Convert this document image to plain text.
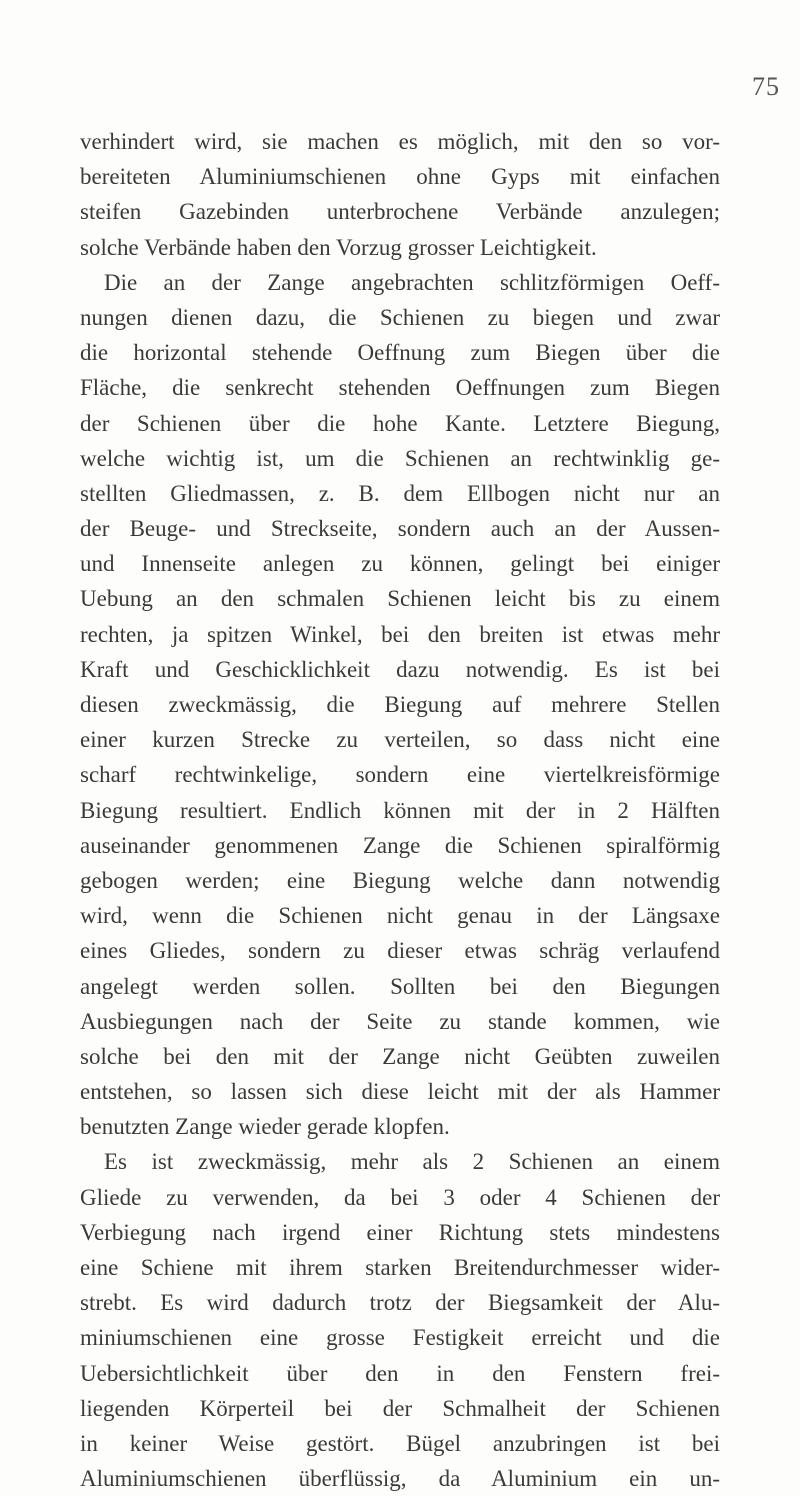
75
verhindert wird, sie machen es möglich, mit den so vor-
bereiteten Aluminiumschienen ohne Gyps mit einfachen
steifen Gazebinden unterbrochene Verbände anzulegen;
solche Verbände haben den Vorzug grosser Leichtigkeit.
Die an der Zange angebrachten schlitzförmigen Oeff-
nungen dienen dazu, die Schienen zu biegen und zwar
die horizontal stehende Oeffnung zum Biegen über die
Fläche, die senkrecht stehenden Oeffnungen zum Biegen
der Schienen über die hohe Kante. Letztere Biegung,
welche wichtig ist, um die Schienen an rechtwinklig ge-
stellten Gliedmassen, z. B. dem Ellbogen nicht nur an
der Beuge- und Streckseite, sondern auch an der Aussen-
und Innenseite anlegen zu können, gelingt bei einiger
Uebung an den schmalen Schienen leicht bis zu einem
rechten, ja spitzen Winkel, bei den breiten ist etwas mehr
Kraft und Geschicklichkeit dazu notwendig. Es ist bei
diesen zweckmässig, die Biegung auf mehrere Stellen
einer kurzen Strecke zu verteilen, so dass nicht eine
scharf rechtwinkelige, sondern eine viertelkreisförmige
Biegung resultiert. Endlich können mit der in 2 Hälften
auseinander genommenen Zange die Schienen spiralförmig
gebogen werden; eine Biegung welche dann notwendig
wird, wenn die Schienen nicht genau in der Längsaxe
eines Gliedes, sondern zu dieser etwas schräg verlaufend
angelegt werden sollen. Sollten bei den Biegungen
Ausbiegungen nach der Seite zu stande kommen, wie
solche bei den mit der Zange nicht Geübten zuweilen
entstehen, so lassen sich diese leicht mit der als Hammer
benutzten Zange wieder gerade klopfen.
Es ist zweckmässig, mehr als 2 Schienen an einem
Gliede zu verwenden, da bei 3 oder 4 Schienen der
Verbiegung nach irgend einer Richtung stets mindestens
eine Schiene mit ihrem starken Breitendurchmesser wider-
strebt. Es wird dadurch trotz der Biegsamkeit der Alu-
miniumschienen eine grosse Festigkeit erreicht und die
Uebersichtlichkeit über den in den Fenstern frei-
liegenden Körperteil bei der Schmalheit der Schienen
in keiner Weise gestört. Bügel anzubringen ist bei
Aluminiumschienen überflüssig, da Aluminium ein un-
